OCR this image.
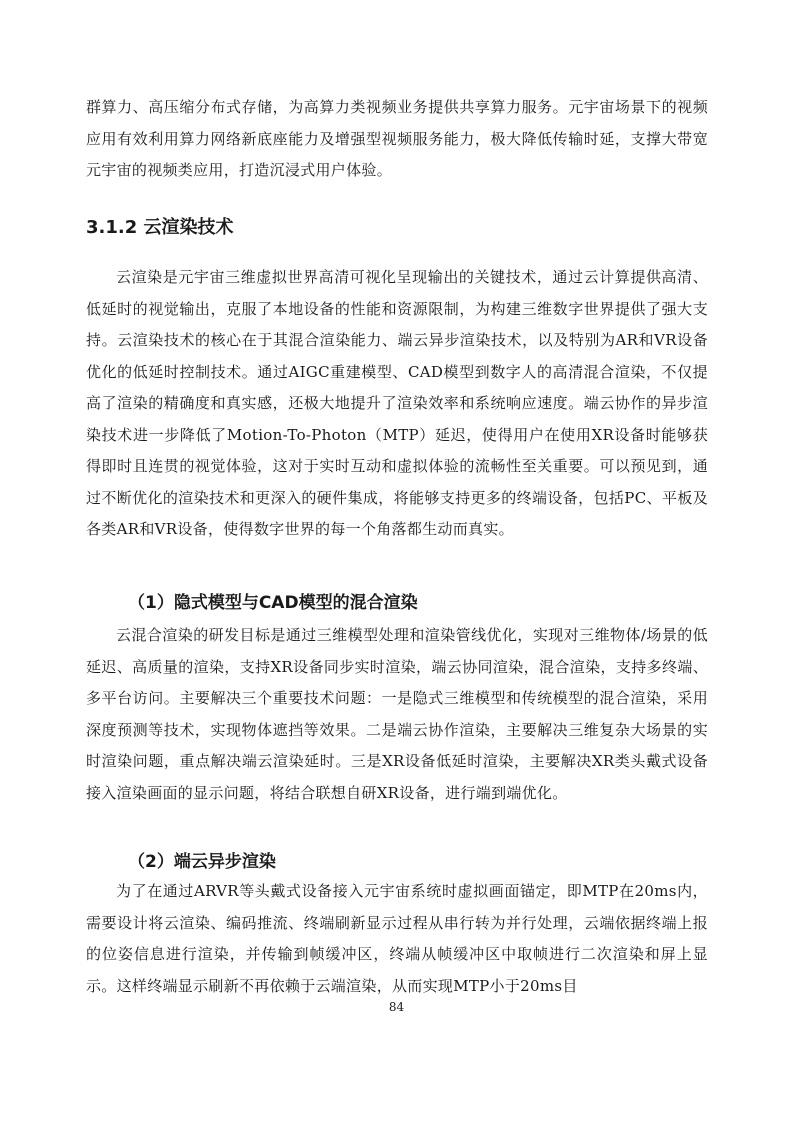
群算力、高压缩分布式存储，为高算力类视频业务提供共享算力服务。元宇宙场景下的视频应用有效利用算力网络新底座能力及增强型视频服务能力，极大降低传输时延，支撑大带宽元宇宙的视频类应用，打造沉浸式用户体验。

3.1.2 云渲染技术

云渲染是元宇宙三维虚拟世界高清可视化呈现输出的关键技术，通过云计算提供高清、低延时的视觉输出，克服了本地设备的性能和资源限制，为构建三维数字世界提供了强大支持。云渲染技术的核心在于其混合渲染能力、端云异步渲染技术，以及特别为AR和VR设备优化的低延时控制技术。通过AIGC重建模型、CAD模型到数字人的高清混合渲染，不仅提高了渲染的精确度和真实感，还极大地提升了渲染效率和系统响应速度。端云协作的异步渲染技术进一步降低了Motion-To-Photon（MTP）延迟，使得用户在使用XR设备时能够获得即时且连贯的视觉体验，这对于实时互动和虚拟体验的流畅性至关重要。可以预见到，通过不断优化的渲染技术和更深入的硬件集成，将能够支持更多的终端设备，包括PC、平板及各类AR和VR设备，使得数字世界的每一个角落都生动而真实。

（1）隐式模型与CAD模型的混合渲染

云混合渲染的研发目标是通过三维模型处理和渲染管线优化，实现对三维物体/场景的低延迟、高质量的渲染，支持XR设备同步实时渲染，端云协同渲染，混合渲染，支持多终端、多平台访问。主要解决三个重要技术问题：一是隐式三维模型和传统模型的混合渲染，采用深度预测等技术，实现物体遮挡等效果。二是端云协作渲染，主要解决三维复杂大场景的实时渲染问题，重点解决端云渲染延时。三是XR设备低延时渲染，主要解决XR类头戴式设备接入渲染画面的显示问题，将结合联想自研XR设备，进行端到端优化。

（2）端云异步渲染

为了在通过ARVR等头戴式设备接入元宇宙系统时虚拟画面锚定，即MTP在20ms内，需要设计将云渲染、编码推流、终端刷新显示过程从串行转为并行处理，云端依据终端上报的位姿信息进行渲染，并传输到帧缓冲区，终端从帧缓冲区中取帧进行二次渲染和屏上显示。这样终端显示刷新不再依赖于云端渲染，从而实现MTP小于20ms目

84
